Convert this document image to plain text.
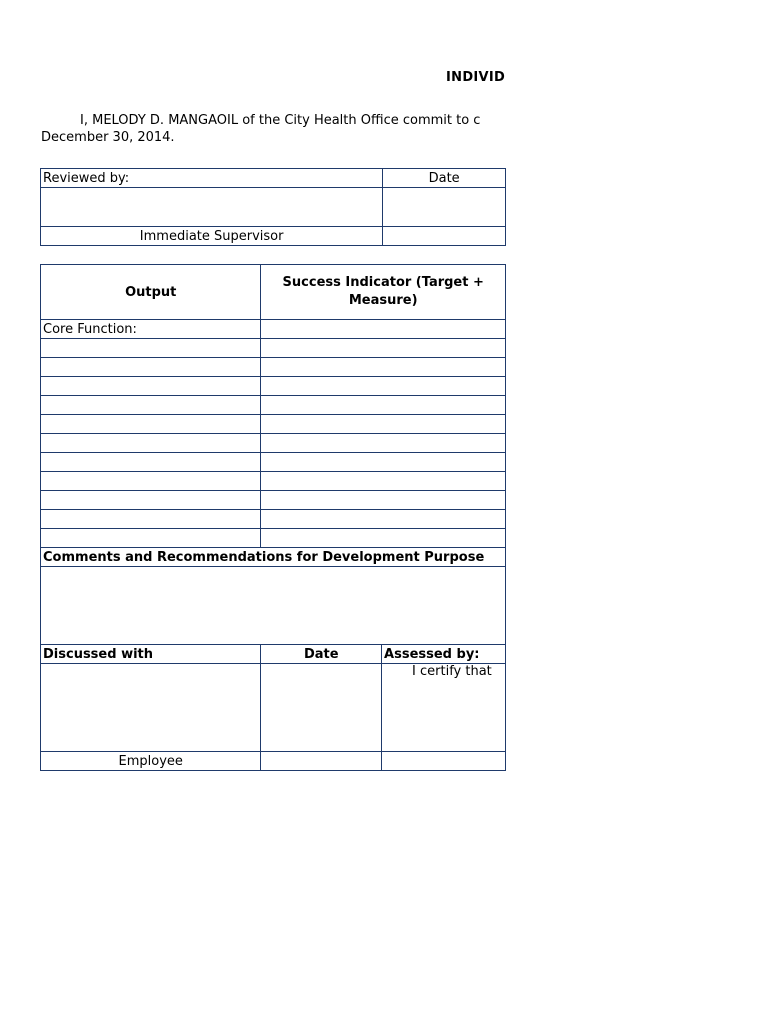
INDIVID
I, MELODY D. MANGAOIL of the City Health Office commit to c
December 30, 2014.
Reviewed by:	Date

Immediate Supervisor	
Output	Success Indicator (Target + Measure)	
Core Function:		

Comments and Recommendations for Development Purpose		

Discussed with	Date	Assessed by:
		I certify that
Employee		
